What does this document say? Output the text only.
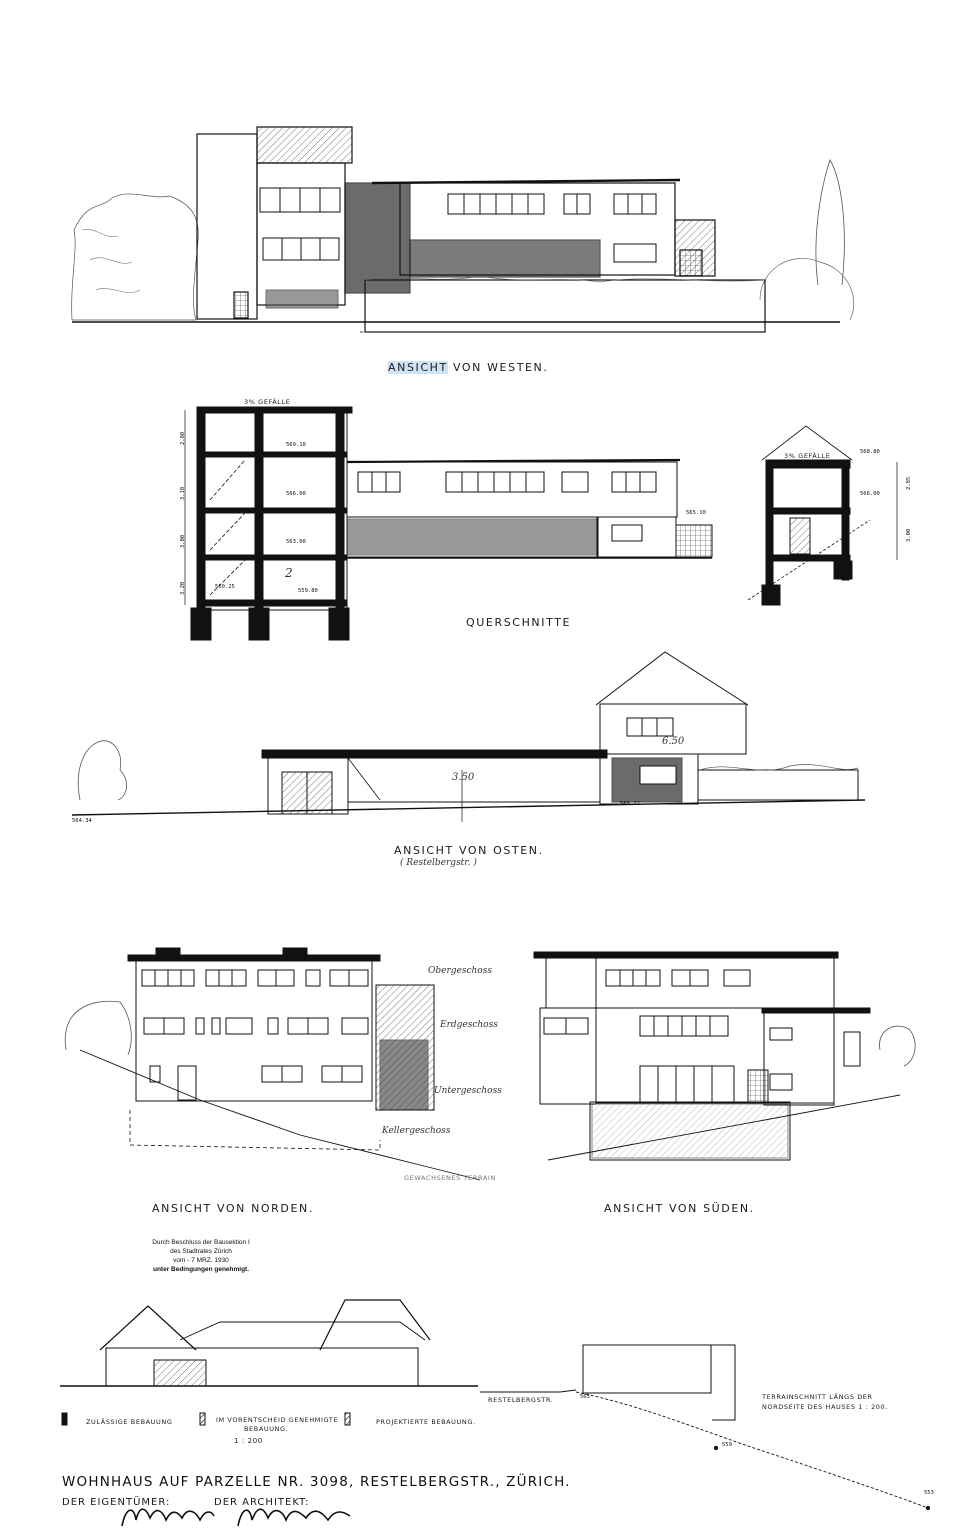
ANSICHT VON WESTEN.
3% GEFÄLLE
3% GEFÄLLE
569.10
566.00
563.00
560.25
559.80
565.10
568.80
566.00
2.80
3.10
3.00
3.20
2.85
3.00
2
QUERSCHNITTE
3.50
6.50
564.34
565.72
ANSICHT VON OSTEN.
( Restelbergstr. )
Obergeschoss
Erdgeschoss
Untergeschoss
Kellergeschoss
GEWACHSENES TERRAIN
ANSICHT VON NORDEN.	ANSICHT VON SÜDEN.
Durch Beschluss der Bausektion I
des Stadtrates Zürich
vom - 7 MRZ. 1930
unter Bedingungen genehmigt.
ZULÄSSIGE BEBAUUNG	IM VORENTSCHEID GENEHMIGTE
BEBAUUNG.
PROJEKTIERTE BEBAUUNG.
1 : 200
RESTELBERGSTR.	565
559
553
TERRAINSCHNITT LÄNGS DER
NORDSEITE DES HAUSES 1 : 200.
WOHNHAUS AUF PARZELLE NR. 3098, RESTELBERGSTR., ZÜRICH.
DER EIGENTÜMER:	DER ARCHITEKT:
